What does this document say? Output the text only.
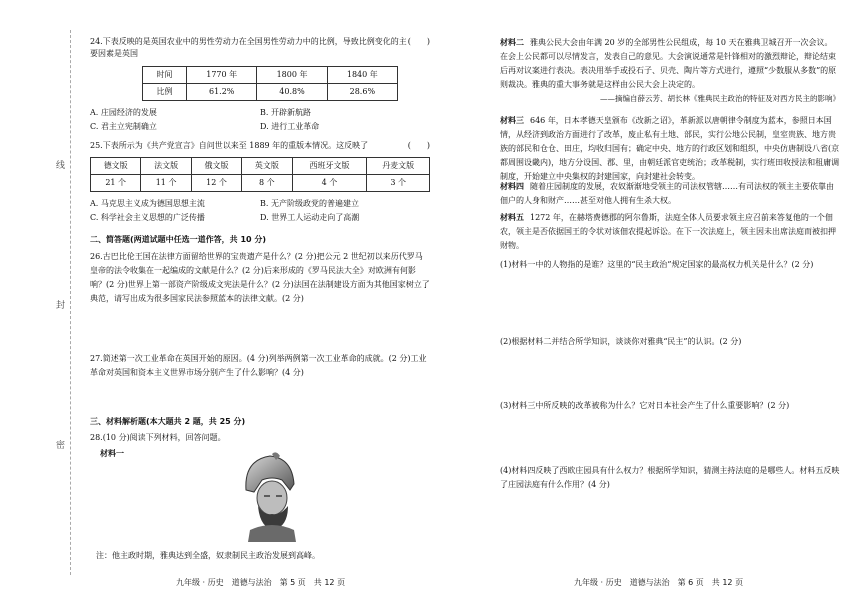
线
封
密
(　　)
24.下表反映的是英国农业中的男性劳动力在全国男性劳动力中的比例，导致比例变化的主要因素是英国
时间	1770 年	1800 年	1840 年
比例	61.2%	40.8%	28.6%
A. 庄园经济的发展	B. 开辟新航路
C. 君主立宪制确立	D. 进行工业革命
(　　)
25.下表所示为《共产党宣言》自问世以来至 1889 年的重版本情况。这反映了
德文版	法文版	俄文版	英文版	西班牙文版	丹麦文版
21 个	11 个	12 个	8 个	4 个	3 个
A. 马克思主义成为德国思想主流	B. 无产阶级政党的普遍建立
C. 科学社会主义思想的广泛传播	D. 世界工人运动走向了高潮
二、简答题(两道试题中任选一道作答，共 10 分)
26.古巴比伦王国在法律方面留给世界的宝贵遗产是什么？(2 分)把公元 2 世纪初以来历代罗马皇帝的法令收集在一起编成的文献是什么？(2 分)后来形成的《罗马民法大全》对欧洲有何影响？(2 分)世界上第一部资产阶级成文宪法是什么？(2 分)法国在法制建设方面为其他国家树立了典范，请写出成为很多国家民法参照蓝本的法律文献。(2 分)
27.简述第一次工业革命在英国开始的原因。(4 分)列举两例第一次工业革命的成就。(2 分)工业革命对英国和资本主义世界市场分别产生了什么影响？(4 分)
三、材料解析题(本大题共 2 题，共 25 分)
28.(10 分)阅读下列材料，回答问题。
材料一
注：他主政时期，雅典达到全盛，奴隶制民主政治发展到高峰。
九年级 · 历史　道德与法治　第 5 页　共 12 页
材料二 雅典公民大会由年满 20 岁的全部男性公民组成，每 10 天在雅典卫城召开一次会议。在会上公民都可以尽情发言，发表自己的意见。大会演说通常是针锋相对的激烈辩论，辩论结束后再对议案进行表决。表决用举手或投石子、贝壳、陶片等方式进行，遵照“少数服从多数”的原则裁决。雅典的重大事务就是这样由公民大会上决定的。
——摘编自薛云芳、胡长林《雅典民主政治的特征及对西方民主的影响》
材料三 646 年，日本孝德天皇颁布《改新之诏》，革新派以唐朝律令制度为蓝本，参照日本国情，从经济到政治方面进行了改革，废止私有土地、部民，实行公地公民制，皇室贵族、地方贵族的部民和仓仓、田庄，均收归国有；确定中央、地方的行政区划和组织，中央仿唐制设八省(京都周围设畿内)，地方分设国、郡、里，由朝廷派官吏统治；改革税制，实行班田收授法和租庸调制度，开始建立中央集权的封建国家，向封建社会转变。
材料四 随着庄园制度的发展，农奴渐渐地受领主的司法权管辖……有司法权的领主主要依靠由佃户的人身和财产……甚至对他人拥有生杀大权。
材料五 1272 年，在赫塔费德郡的阿尔鲁斯，法庭全体人员要求领主应召前来答复他的一个佃农，领主是否依据国王的令状对该佃农提起诉讼。在下一次法庭上，领主因未出席法庭而被扣押财物。
(1)材料一中的人物指的是谁？这里的“民主政治”规定国家的最高权力机关是什么？(2 分)
(2)根据材料二并结合所学知识，谈谈你对雅典“民主”的认识。(2 分)
(3)材料三中所反映的改革被称为什么？它对日本社会产生了什么重要影响？(2 分)
(4)材料四反映了西欧庄园具有什么权力？根据所学知识，猜测主持法庭的是哪些人。材料五反映了庄园法庭有什么作用？(4 分)
九年级 · 历史　道德与法治　第 6 页　共 12 页
